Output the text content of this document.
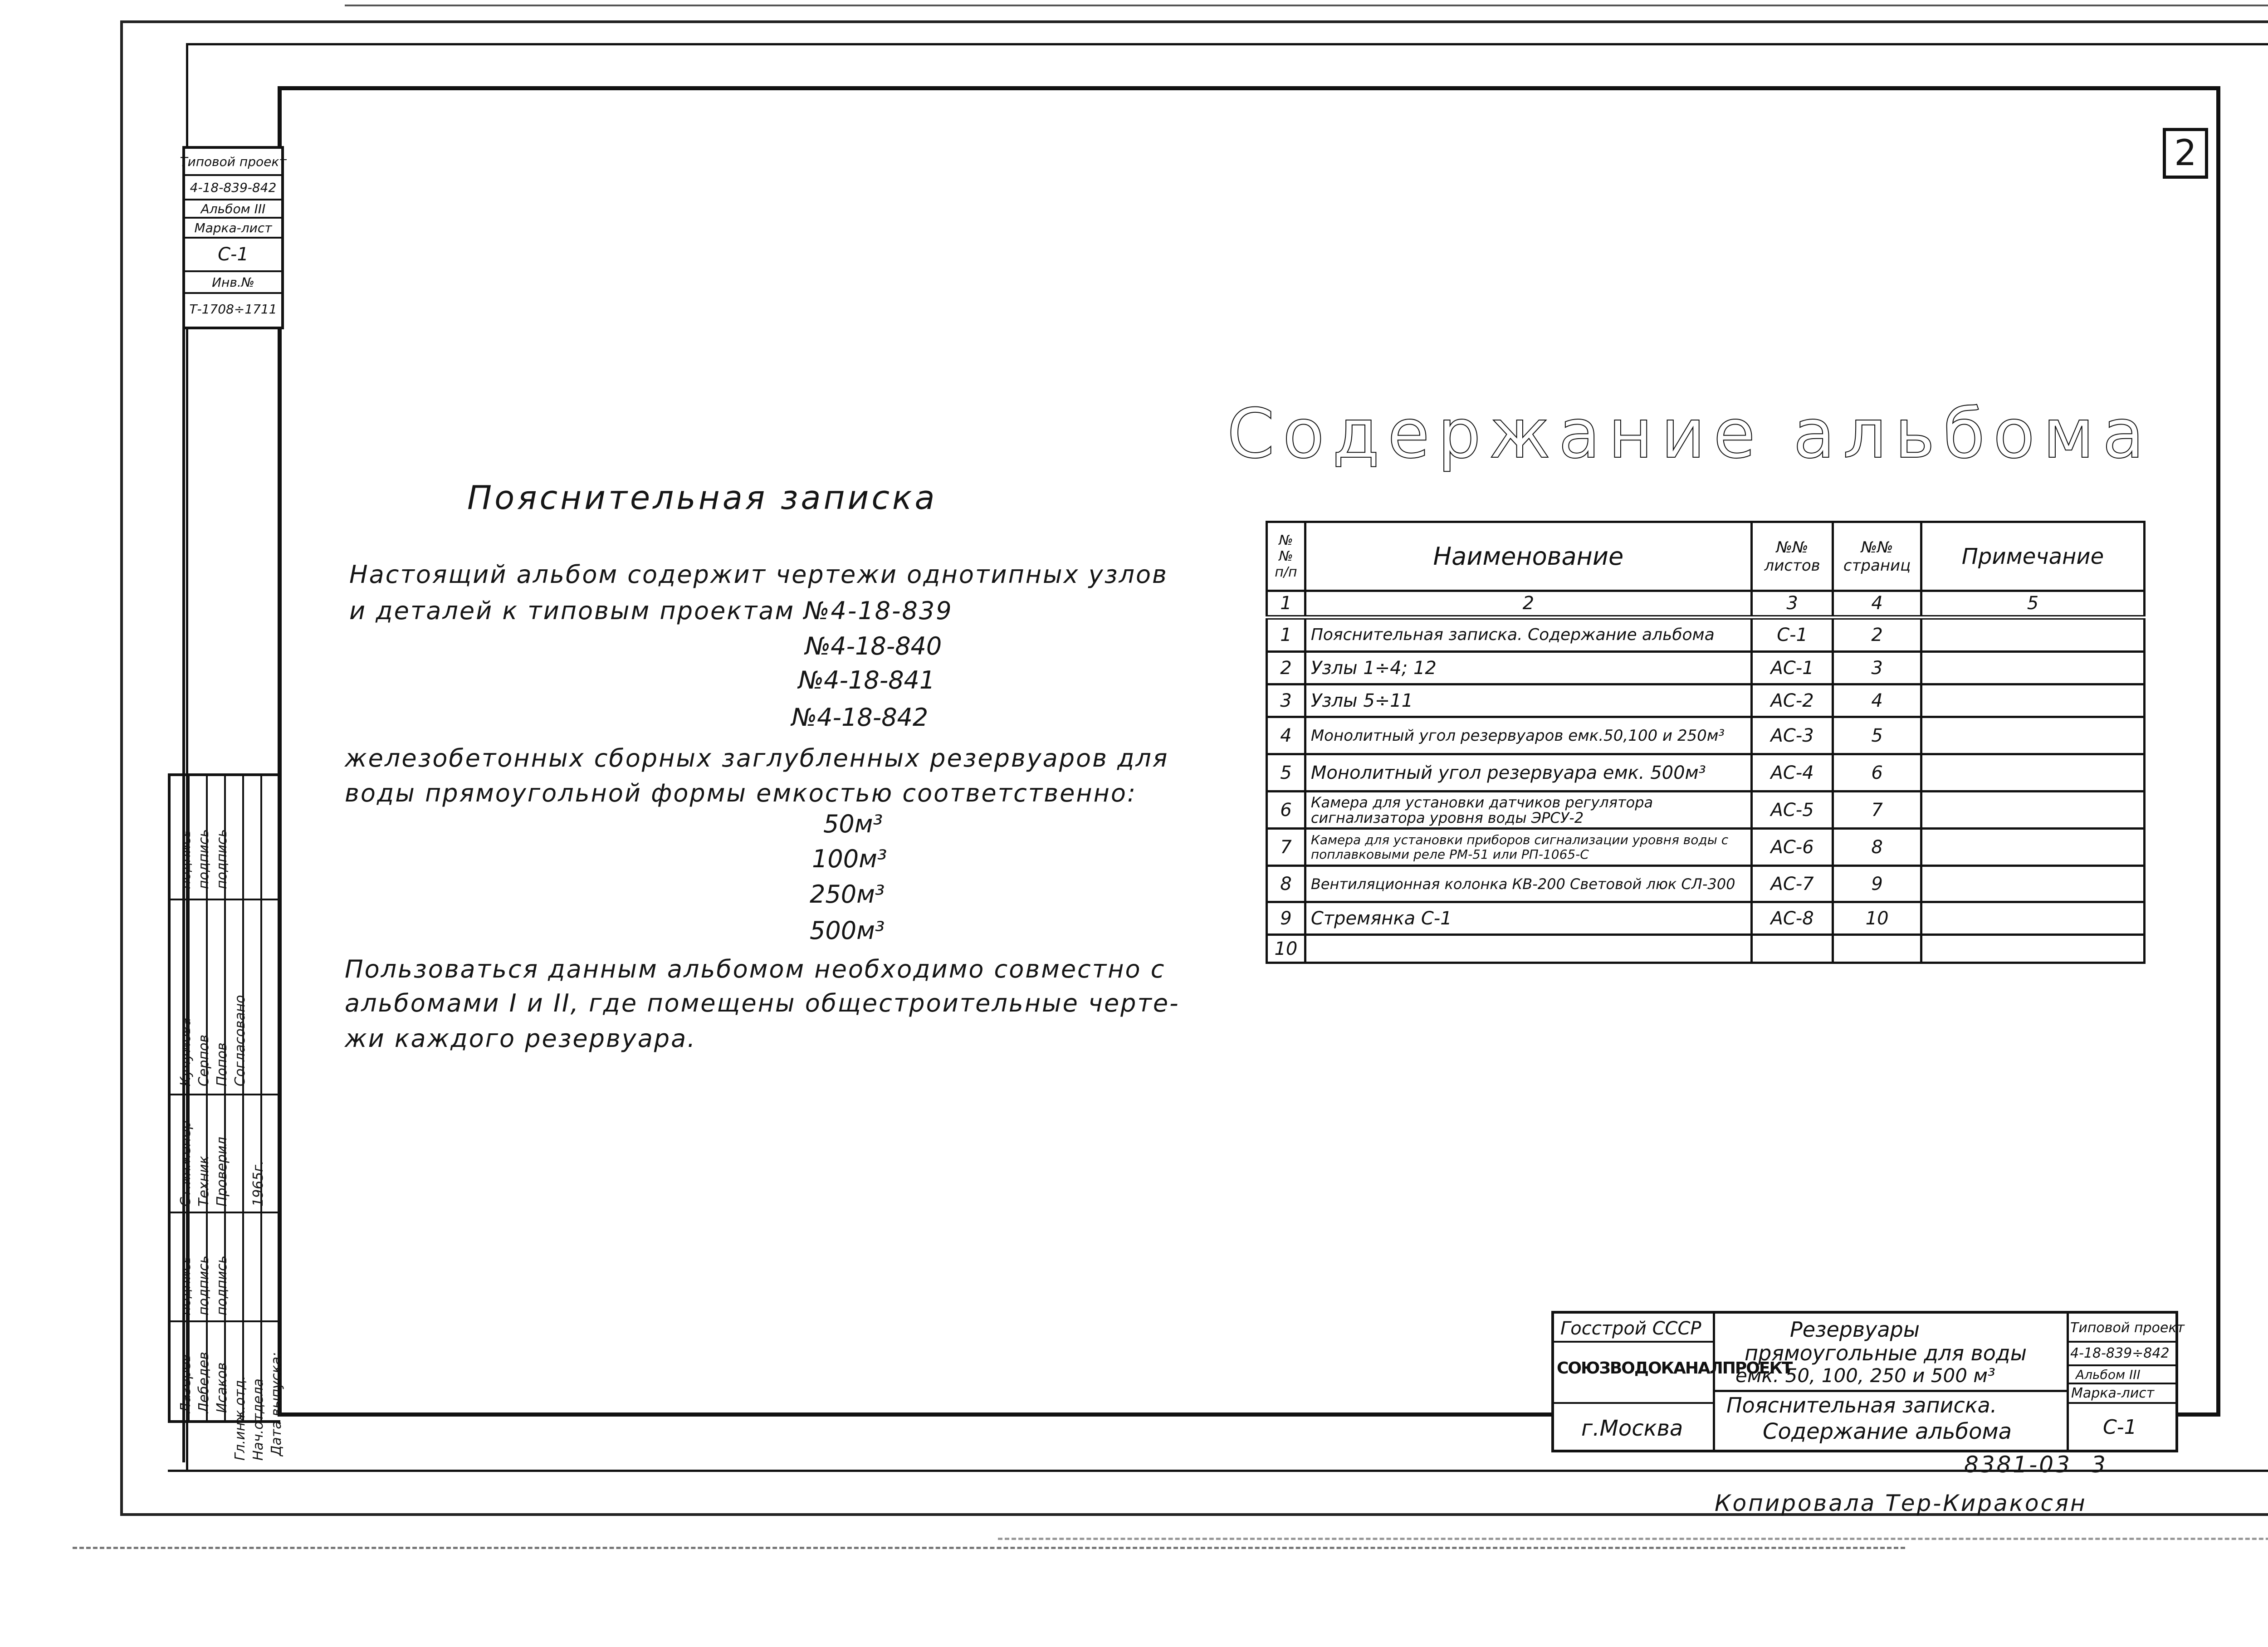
2
Типовой проект
4-18-839-842
Альбом III
Марка-лист
С-1
Инв.№
Т-1708÷1711
подпись подпись подпись
Кучумова Серпов Попов Согласовано
Ст.инженер Техник Проверил
подпись подпись подпись
1965г.
Лазерев Лебедев Исаков Нач.отдела
Гл.инж.отд. Дата выпуска:
Пояснительная записка
Настоящий альбом содержит чертежи однотипных узлов
и деталей к типовым проектам №4-18-839
№4-18-840
№4-18-841
№4-18-842
железобетонных сборных заглубленных резервуаров для
воды прямоугольной формы емкостью соответственно:
50м³
100м³
250м³
500м³
Пользоваться данным альбомом необходимо совместно с
альбомами I и II, где помещены общестроительные черте-
жи каждого резервуара.
Содержание альбома
№№ п/п	Наименование	№№ листов	№№ страниц	Примечание
1	2	3	4	5
1	Пояснительная записка. Содержание альбома	С-1	2	
2	Узлы 1÷4; 12	АС-1	3	
3	Узлы 5÷11	АС-2	4	
4	Монолитный угол резервуаров емк.50,100 и 250м³	АС-3	5	
5	Монолитный угол резервуара емк. 500м³	АС-4	6	
6	Камера для установки датчиков регулятора сигнализатора уровня воды ЭРСУ-2	АС-5	7	
7	Камера для установки приборов сигнализации уровня воды с поплавковыми реле РМ-51 или РП-1065-С	АС-6	8	
8	Вентиляционная колонка КВ-200 Световой люк СЛ-300	АС-7	9	
9	Стремянка С-1	АС-8	10	
10				
Госстрой СССР
СОЮЗВОДОКАНАЛПРОЕКТ
г.Москва
Резервуары
прямоугольные для воды
емк. 50, 100, 250 и 500 м³
Пояснительная записка.
Содержание альбома
Типовой проект
4-18-839÷842
Альбом III
Марка-лист
С-1
8381-03 3
Копировала Тер-Киракосян
